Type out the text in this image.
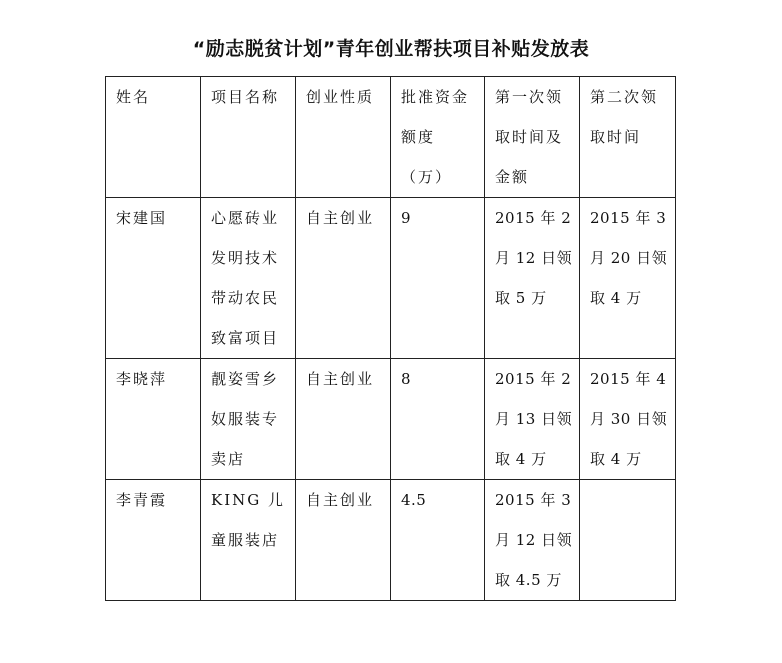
“励志脱贫计划”青年创业帮扶项目补贴发放表
姓名	项目名称	创业性质	批准资金额度（万）	第一次领取时间及金额	第二次领取时间
宋建国	心愿砖业发明技术带动农民致富项目	自主创业	9	2015 年 2 月 12 日领取 5 万	2015 年 3 月 20 日领取 4 万
李晓萍	靓姿雪乡奴服装专卖店	自主创业	8	2015 年 2 月 13 日领取 4 万	2015 年 4 月 30 日领取 4 万
李青霞	KING 儿童服装店	自主创业	4.5	2015 年 3 月 12 日领取 4.5 万	
